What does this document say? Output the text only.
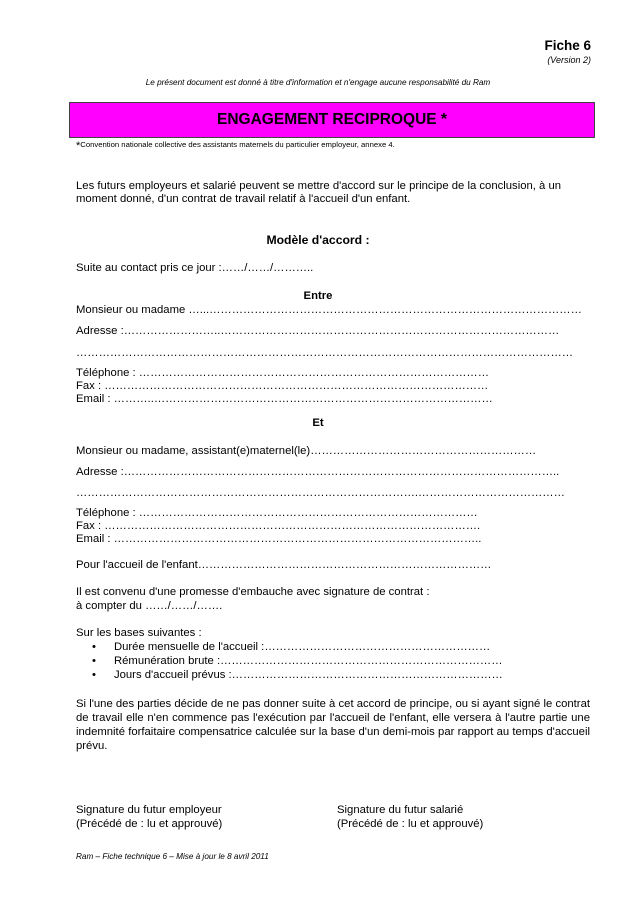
Fiche 6
(Version 2)
Le présent document est donné à titre d'information et n'engage aucune responsabilité du Ram
ENGAGEMENT RECIPROQUE *
*Convention nationale collective des assistants maternels du particulier employeur, annexe 4.
Les futurs employeurs et salarié peuvent se mettre d'accord sur le principe de la conclusion, à un
moment donné, d'un contrat de travail relatif à l'accueil d'un enfant.
Modèle d'accord :
Suite au contact pris ce jour :……/……/………..
Entre
Monsieur ou madame …...………………………………………………………………………………………
Adresse :……………………..………………………………………………………………………………
……………………………………………………………………………………………………………………
Téléphone : …………………………………………………………………………………
Fax : …………………………………………………………………………………………
Email : ………..………………………………………………………………………………
Et
Monsieur ou madame, assistant(e)maternel(le)……………………………………………………
Adresse :……………………………………………………………………………………………………..
……………………………………………………………………………….…………………………………
Téléphone : ………………………………………………………………………………
Fax : ……………………………………………………………………………………….
Email : ……………………………………………………………………………………..
Pour l'accueil de l'enfant……………………………………………………………………
Il est convenu d'une promesse d'embauche avec signature de contrat :
à compter du ……/……/…….
Sur les bases suivantes :
• Durée mensuelle de l'accueil :……………………………………………………
• Rémunération brute :…………………………………………………………………
• Jours d'accueil prévus :………………………………………………………………
Si l'une des parties décide de ne pas donner suite à cet accord de principe, ou si ayant signé le contrat de travail elle n'en commence pas l'exécution par l'accueil de l'enfant, elle versera à l'autre partie une indemnité forfaitaire compensatrice calculée sur la base d'un demi-mois par rapport au temps d'accueil prévu.
Signature du futur employeur
(Précédé de : lu et approuvé)
Signature du futur salarié
(Précédé de : lu et approuvé)
Ram – Fiche technique 6 – Mise à jour le 8 avril 2011
